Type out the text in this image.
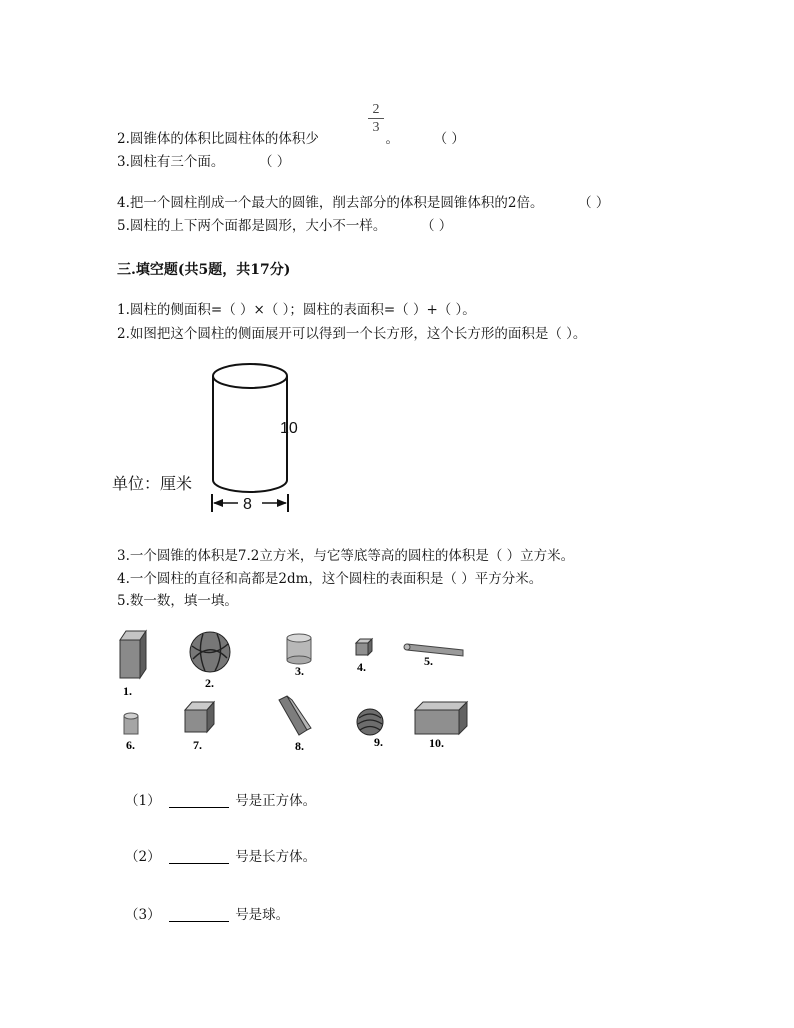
2
3
2.圆锥体的体积比圆柱体的体积少	。	（ ）
3.圆柱有三个面。	（ ）
4.把一个圆柱削成一个最大的圆锥，削去部分的体积是圆锥体积的2倍。	（ ）
5.圆柱的上下两个面都是圆形，大小不一样。	（ ）
三.填空题(共5题，共17分)
1.圆柱的侧面积=（ ）×（ ）；圆柱的表面积=（ ）+（ ）。
2.如图把这个圆柱的侧面展开可以得到一个长方形，这个长方形的面积是（ ）。
10
8
单位：厘米
3.一个圆锥的体积是7.2立方米，与它等底等高的圆柱的体积是（ ）立方米。
4.一个圆柱的直径和高都是2dm，这个圆柱的表面积是（ ）平方分米。
5.数一数，填一填。
1.
2.
3.	4.	5.
6.	7.	8.	9.	10.
（1）	号是正方体。
（2）	号是长方体。
（3）	号是球。
